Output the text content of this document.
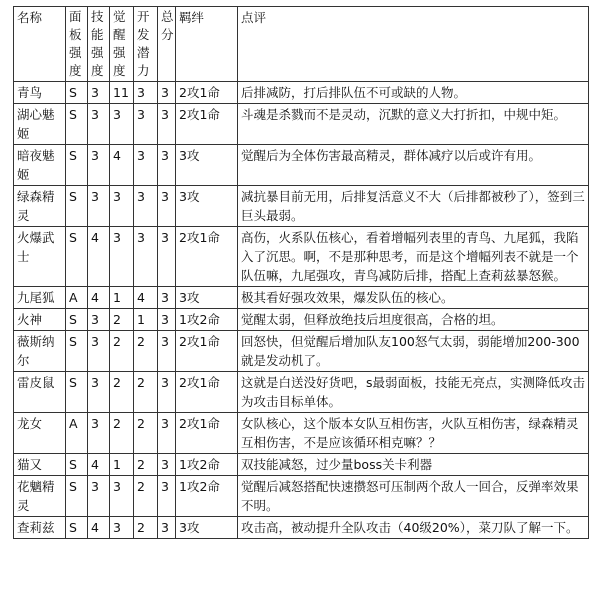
名称	面板强度	技能强度	觉醒强度	开发潜力	总分	羁绊	点评
青鸟	S	3	11	3	3	2攻1命	后排减防，打后排队伍不可或缺的人物。
湖心魅姬	S	3	3	3	3	2攻1命	斗魂是杀戮而不是灵动，沉默的意义大打折扣，中规中矩。
暗夜魅姬	S	3	4	3	3	3攻	觉醒后为全体伤害最高精灵，群体减疗以后或许有用。
绿森精灵	S	3	3	3	3	3攻	减抗暴目前无用，后排复活意义不大（后排都被秒了），签到三巨头最弱。
火爆武士	S	4	3	3	3	2攻1命	高伤，火系队伍核心，看着增幅列表里的青鸟、九尾狐，我陷入了沉思。啊，不是那种思考，而是这个增幅列表不就是一个队伍嘛，九尾强攻，青鸟减防后排，搭配上查莉兹暴怒猴。
九尾狐	A	4	1	4	3	3攻	极其看好强攻效果，爆发队伍的核心。
火神	S	3	2	1	3	1攻2命	觉醒太弱，但释放绝技后坦度很高，合格的坦。
薇斯纳尔	S	3	2	2	3	2攻1命	回怒快，但觉醒后增加队友100怒气太弱，弱能增加200-300就是发动机了。
雷皮鼠	S	3	2	2	3	2攻1命	这就是白送没好货吧，s最弱面板，技能无亮点，实测降低攻击为攻击目标单体。
龙女	A	3	2	2	3	2攻1命	女队核心，这个版本女队互相伤害，火队互相伤害，绿森精灵互相伤害，不是应该循环相克嘛？？
猫又	S	4	1	2	3	1攻2命	双技能减怒，过少量boss关卡利器
花魑精灵	S	3	3	2	3	1攻2命	觉醒后减怒搭配快速攒怒可压制两个敌人一回合，反弹率效果不明。
查莉兹	S	4	3	2	3	3攻	攻击高，被动提升全队攻击（40级20%），菜刀队了解一下。
